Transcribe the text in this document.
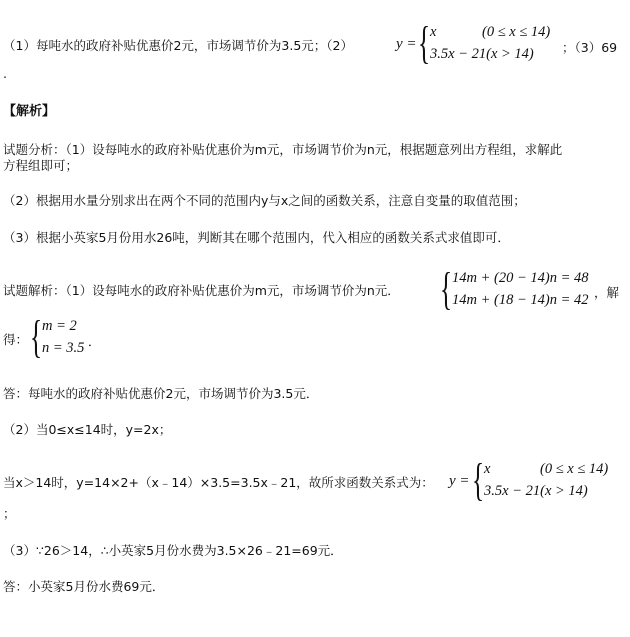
（1）每吨水的政府补贴优惠价2元，市场调节价为3.5元；（2）	y = { x	(0 ≤ x ≤ 14)
3.5x − 21(x > 14) ；（3）69
.
【解析】
试题分析：（1）设每吨水的政府补贴优惠价为m元，市场调节价为n元，根据题意列出方程组，求解此
方程组即可；
（2）根据用水量分别求出在两个不同的范围内y与x之间的函数关系，注意自变量的取值范围；
（3）根据小英家5月份用水26吨，判断其在哪个范围内，代入相应的函数关系式求值即可．
试题解析：（1）设每吨水的政府补贴优惠价为m元，市场调节价为n元． { 14m + (20 − 14)n = 48
14m + (18 − 14)n = 42 ，解
得： { m = 2
n = 3.5 ．
答：每吨水的政府补贴优惠价2元，市场调节价为3.5元．
（2）当0≤x≤14时，y=2x；
当x＞14时，y=14×2+（x﹣14）×3.5=3.5x﹣21，故所求函数关系式为： y = { x	(0 ≤ x ≤ 14)
3.5x − 21(x > 14)
；
（3）∵26＞14，∴小英家5月份水费为3.5×26﹣21=69元．
答：小英家5月份水费69元．
